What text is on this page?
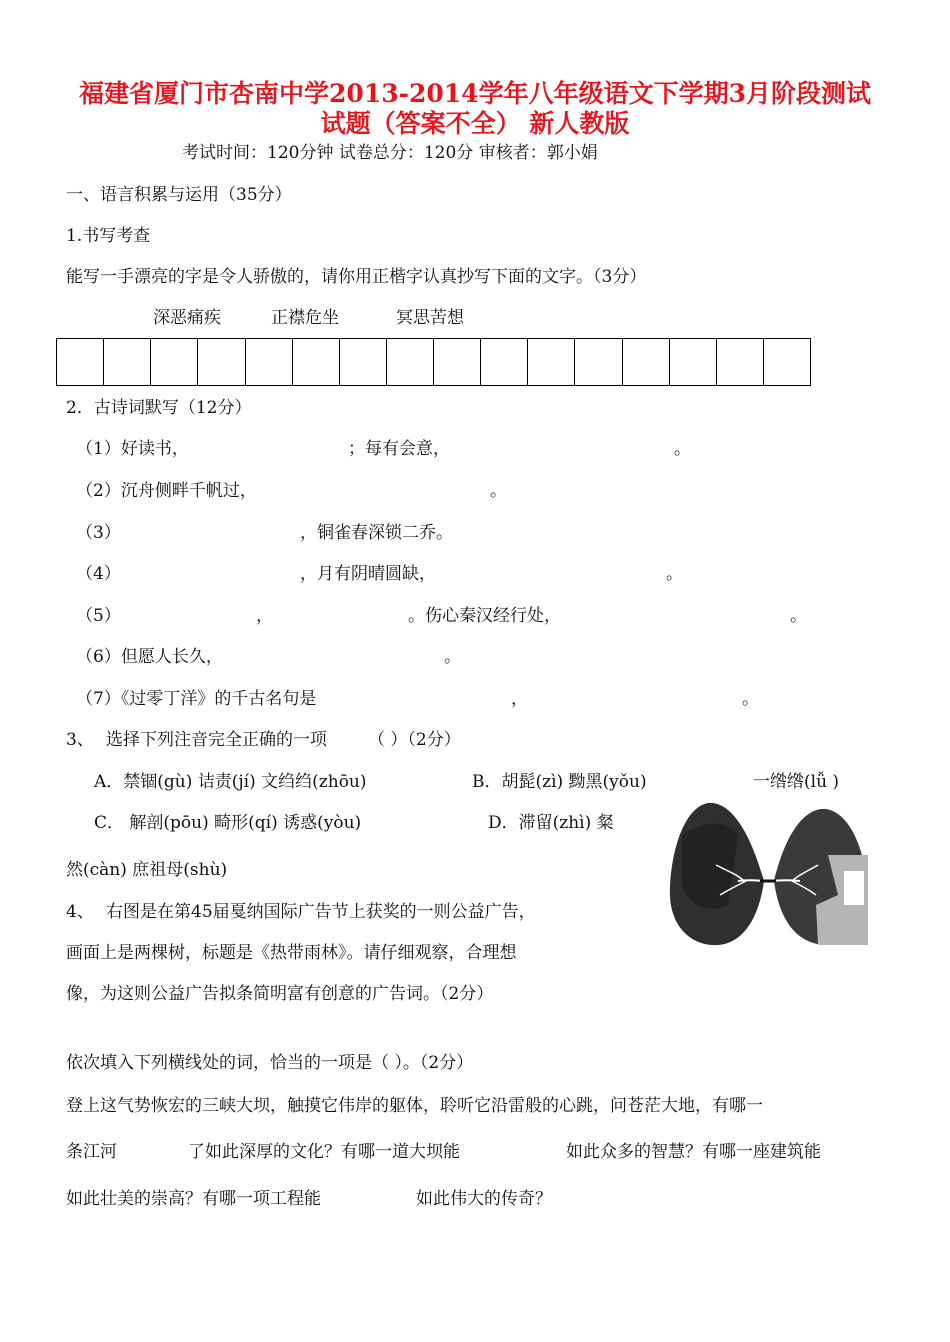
福建省厦门市杏南中学2013-2014学年八年级语文下学期3月阶段测试
试题（答案不全） 新人教版
考试时间：120分钟 试卷总分：120分 审核者：郭小娟
一、语言积累与运用（35分）
1.书写考查
能写一手漂亮的字是令人骄傲的，请你用正楷字认真抄写下面的文字。（3分）
深恶痛疾	正襟危坐	冥思苦想
2．古诗词默写（12分）
（1）好读书，	；每有会意，	。
（2）沉舟侧畔千帆过，	。
（3）	，铜雀春深锁二乔。
（4）	，月有阴晴圆缺，	。
（5）	，	。伤心秦汉经行处，	。
（6）但愿人长久，	。
（7）《过零丁洋》的千古名句是	，	。
3、 选择下列注音完全正确的一项 （ ）（2分）
A．禁锢(gù) 诘责(jí) 文绉绉(zhōu)	B．胡髭(zì) 黝黑(yǒu)	一绺绺(lǚ )
C． 解剖(pōu) 畸形(qí) 诱惑(yòu)	D．滞留(zhì) 粲
然(càn) 庶祖母(shù)
4、 右图是在第45届戛纳国际广告节上获奖的一则公益广告，
画面上是两棵树，标题是《热带雨林》。请仔细观察，合理想
像，为这则公益广告拟条简明富有创意的广告词。（2分）
依次填入下列横线处的词，恰当的一项是（ ）。（2分）
登上这气势恢宏的三峡大坝，触摸它伟岸的躯体，聆听它沿雷般的心跳，问苍茫大地，有哪一
条江河	了如此深厚的文化？有哪一道大坝能	如此众多的智慧？有哪一座建筑能
如此壮美的崇高？有哪一项工程能	如此伟大的传奇？
